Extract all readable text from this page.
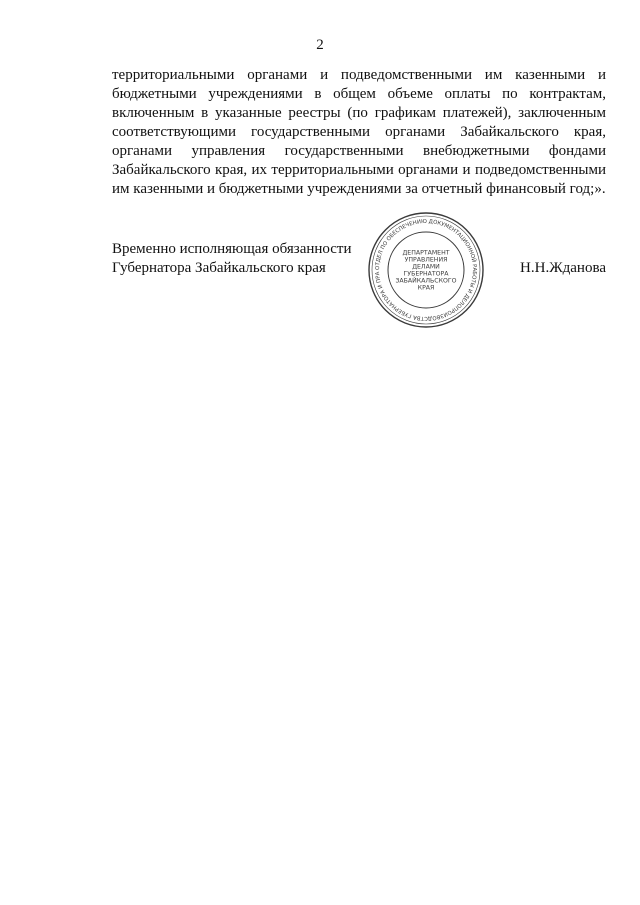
2
территориальными органами и подведомственными им казенными и
бюджетными учреждениями в общем объеме оплаты по контрактам,
включенным в указанные реестры (по графикам платежей), заключенным
соответствующими государственными органами Забайкальского края,
органами управления государственными внебюджетными фондами
Забайкальского края, их территориальными органами и подведомственными
им казенными и бюджетными учреждениями за отчетный финансовый год;».
Временно исполняющая обязанности
Губернатора Забайкальского края	Н.Н.Жданова
ОТДЕЛ ПО ОБЕСПЕЧЕНИЮ ДОКУМЕНТАЦИОННОЙ РАБОТЫ И ДЕЛОПРОИЗВОДСТВА ГУБЕРНАТОРА И ПРА
ДЕПАРТАМЕНТ
УПРАВЛЕНИЯ
ДЕЛАМИ
ГУБЕРНАТОРА
ЗАБАЙКАЛЬСКОГО
КРАЯ
